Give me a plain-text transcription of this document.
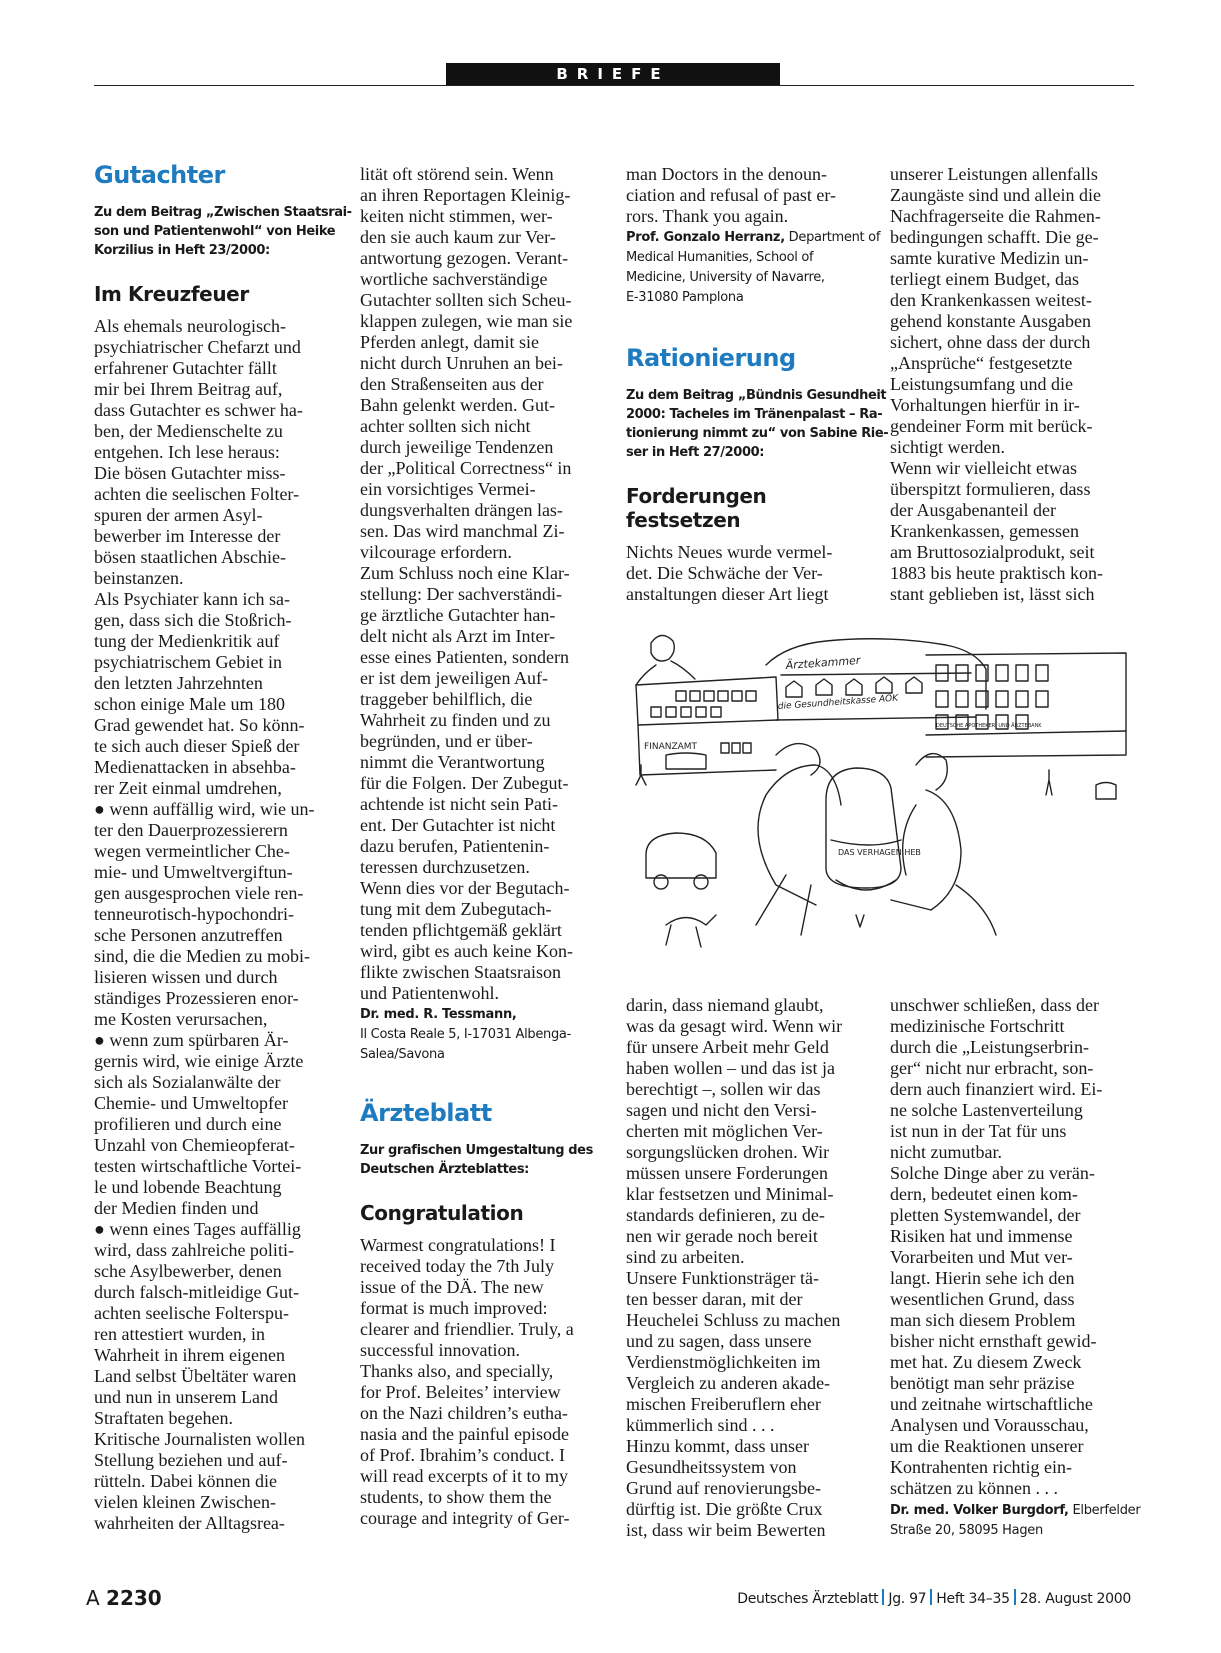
BRIEFE
Gutachter
Zu dem Beitrag „Zwischen Staatsrai-
son und Patientenwohl“ von Heike
Korzilius in Heft 23/2000:
Im Kreuzfeuer
Als ehemals neurologisch-
psychiatrischer Chefarzt und
erfahrener Gutachter fällt
mir bei Ihrem Beitrag auf,
dass Gutachter es schwer ha-
ben, der Medienschelte zu
entgehen. Ich lese heraus:
Die bösen Gutachter miss-
achten die seelischen Folter-
spuren der armen Asyl-
bewerber im Interesse der
bösen staatlichen Abschie-
beinstanzen.
Als Psychiater kann ich sa-
gen, dass sich die Stoßrich-
tung der Medienkritik auf
psychiatrischem Gebiet in
den letzten Jahrzehnten
schon einige Male um 180
Grad gewendet hat. So könn-
te sich auch dieser Spieß der
Medienattacken in absehba-
rer Zeit einmal umdrehen,
● wenn auffällig wird, wie un-
ter den Dauerprozessierern
wegen vermeintlicher Che-
mie- und Umweltvergiftun-
gen ausgesprochen viele ren-
tenneurotisch-hypochondri-
sche Personen anzutreffen
sind, die die Medien zu mobi-
lisieren wissen und durch
ständiges Prozessieren enor-
me Kosten verursachen,
● wenn zum spürbaren Är-
gernis wird, wie einige Ärzte
sich als Sozialanwälte der
Chemie- und Umweltopfer
profilieren und durch eine
Unzahl von Chemieopferat-
testen wirtschaftliche Vortei-
le und lobende Beachtung
der Medien finden und
● wenn eines Tages auffällig
wird, dass zahlreiche politi-
sche Asylbewerber, denen
durch falsch-mitleidige Gut-
achten seelische Folterspu-
ren attestiert wurden, in
Wahrheit in ihrem eigenen
Land selbst Übeltäter waren
und nun in unserem Land
Straftaten begehen.
Kritische Journalisten wollen
Stellung beziehen und auf-
rütteln. Dabei können die
vielen kleinen Zwischen-
wahrheiten der Alltagsrea-
lität oft störend sein. Wenn
an ihren Reportagen Kleinig-
keiten nicht stimmen, wer-
den sie auch kaum zur Ver-
antwortung gezogen. Verant-
wortliche sachverständige
Gutachter sollten sich Scheu-
klappen zulegen, wie man sie
Pferden anlegt, damit sie
nicht durch Unruhen an bei-
den Straßenseiten aus der
Bahn gelenkt werden. Gut-
achter sollten sich nicht
durch jeweilige Tendenzen
der „Political Correctness“ in
ein vorsichtiges Vermei-
dungsverhalten drängen las-
sen. Das wird manchmal Zi-
vilcourage erfordern.
Zum Schluss noch eine Klar-
stellung: Der sachverständi-
ge ärztliche Gutachter han-
delt nicht als Arzt im Inter-
esse eines Patienten, sondern
er ist dem jeweiligen Auf-
traggeber behilflich, die
Wahrheit zu finden und zu
begründen, und er über-
nimmt die Verantwortung
für die Folgen. Der Zubegut-
achtende ist nicht sein Pati-
ent. Der Gutachter ist nicht
dazu berufen, Patientenin-
teressen durchzusetzen.
Wenn dies vor der Begutach-
tung mit dem Zubegutach-
tenden pflichtgemäß geklärt
wird, gibt es auch keine Kon-
flikte zwischen Staatsraison
und Patientenwohl.
Dr. med. R. Tessmann,
Il Costa Reale 5, I-17031 Albenga-
Salea/Savona
Ärzteblatt
Zur grafischen Umgestaltung des
Deutschen Ärzteblattes:
Congratulation
Warmest congratulations! I
received today the 7th July
issue of the DÄ. The new
format is much improved:
clearer and friendlier. Truly, a
successful innovation.
Thanks also, and specially,
for Prof. Beleites’ interview
on the Nazi children’s eutha-
nasia and the painful episode
of Prof. Ibrahim’s conduct. I
will read excerpts of it to my
students, to show them the
courage and integrity of Ger-
man Doctors in the denoun-
ciation and refusal of past er-
rors. Thank you again.
Prof. Gonzalo Herranz, Department of
Medical Humanities, School of
Medicine, University of Navarre,
E-31080 Pamplona
Rationierung
Zu dem Beitrag „Bündnis Gesundheit
2000: Tacheles im Tränenpalast – Ra-
tionierung nimmt zu“ von Sabine Rie-
ser in Heft 27/2000:
Forderungen festsetzen
Nichts Neues wurde vermel-
det. Die Schwäche der Ver-
anstaltungen dieser Art liegt
unserer Leistungen allenfalls
Zaungäste sind und allein die
Nachfragerseite die Rahmen-
bedingungen schafft. Die ge-
samte kurative Medizin un-
terliegt einem Budget, das
den Krankenkassen weitest-
gehend konstante Ausgaben
sichert, ohne dass der durch
„Ansprüche“ festgesetzte
Leistungsumfang und die
Vorhaltungen hierfür in ir-
gendeiner Form mit berück-
sichtigt werden.
Wenn wir vielleicht etwas
überspitzt formulieren, dass
der Ausgabenanteil der
Krankenkassen, gemessen
am Bruttosozialprodukt, seit
1883 bis heute praktisch kon-
stant geblieben ist, lässt sich
Ärztekammer
FINANZAMT
die Gesundheitskasse AOK
DEUTSCHE APOTHEKER- UND ÄRZTEBANK
DAS VERHAGEN HEB
darin, dass niemand glaubt,
was da gesagt wird. Wenn wir
für unsere Arbeit mehr Geld
haben wollen – und das ist ja
berechtigt –, sollen wir das
sagen und nicht den Versi-
cherten mit möglichen Ver-
sorgungslücken drohen. Wir
müssen unsere Forderungen
klar festsetzen und Minimal-
standards definieren, zu de-
nen wir gerade noch bereit
sind zu arbeiten.
Unsere Funktionsträger tä-
ten besser daran, mit der
Heuchelei Schluss zu machen
und zu sagen, dass unsere
Verdienstmöglichkeiten im
Vergleich zu anderen akade-
mischen Freiberuflern eher
kümmerlich sind . . .
Hinzu kommt, dass unser
Gesundheitssystem von
Grund auf renovierungsbe-
dürftig ist. Die größte Crux
ist, dass wir beim Bewerten
unschwer schließen, dass der
medizinische Fortschritt
durch die „Leistungserbrin-
ger“ nicht nur erbracht, son-
dern auch finanziert wird. Ei-
ne solche Lastenverteilung
ist nun in der Tat für uns
nicht zumutbar.
Solche Dinge aber zu verän-
dern, bedeutet einen kom-
pletten Systemwandel, der
Risiken hat und immense
Vorarbeiten und Mut ver-
langt. Hierin sehe ich den
wesentlichen Grund, dass
man sich diesem Problem
bisher nicht ernsthaft gewid-
met hat. Zu diesem Zweck
benötigt man sehr präzise
und zeitnahe wirtschaftliche
Analysen und Vorausschau,
um die Reaktionen unserer
Kontrahenten richtig ein-
schätzen zu können . . .
Dr. med. Volker Burgdorf, Elberfelder
Straße 20, 58095 Hagen
A 2230	Deutsches Ärzteblatt Jg. 97 Heft 34–35 28. August 2000
